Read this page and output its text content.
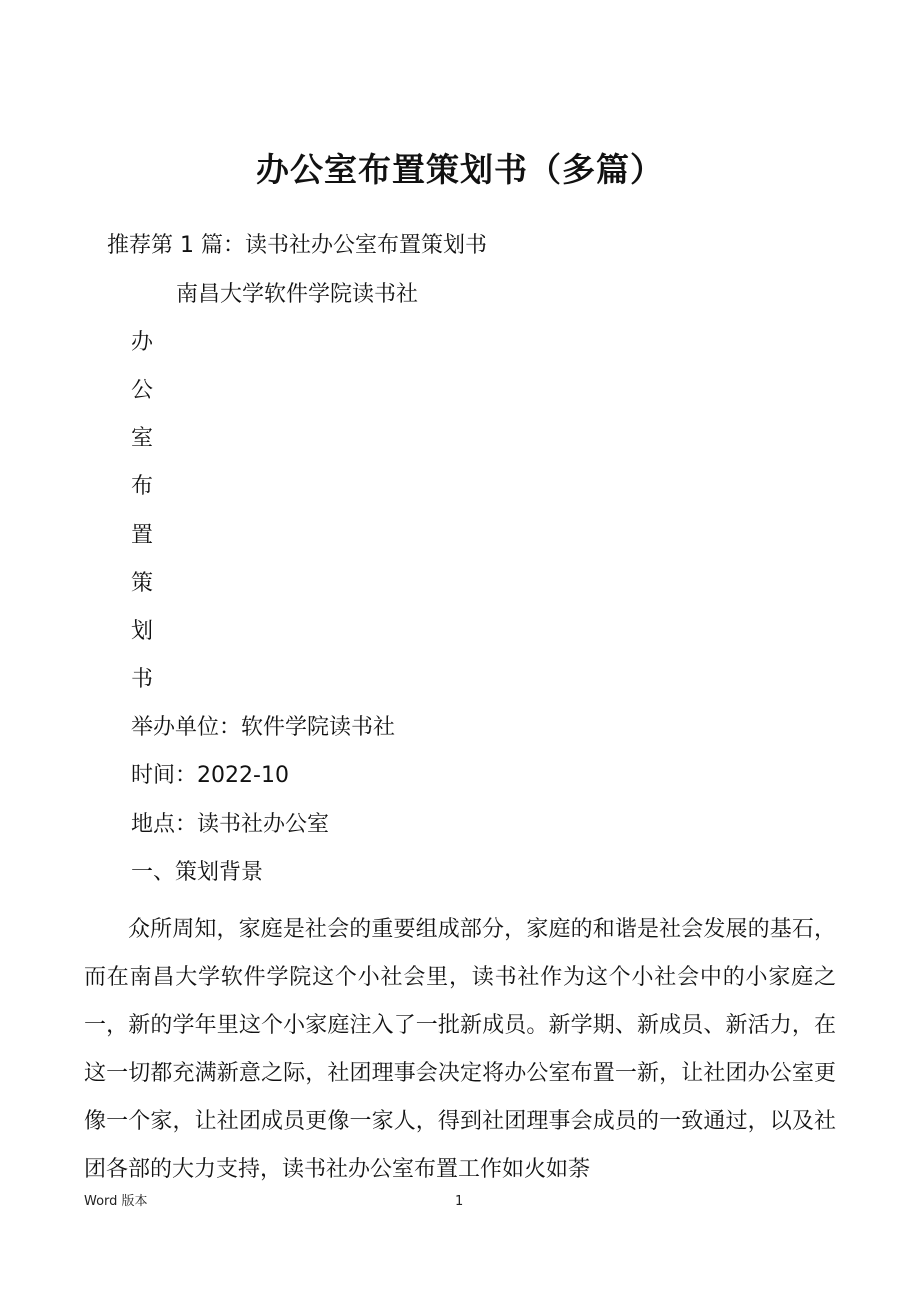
办公室布置策划书（多篇）

推荐第 1 篇：读书社办公室布置策划书

南昌大学软件学院读书社

办

公

室

布

置

策

划

书

举办单位：软件学院读书社

时间：2022-10

地点：读书社办公室

一、策划背景

众所周知，家庭是社会的重要组成部分，家庭的和谐是社会发展的基石，而在南昌大学软件学院这个小社会里，读书社作为这个小社会中的小家庭之一，新的学年里这个小家庭注入了一批新成员。新学期、新成员、新活力，在这一切都充满新意之际，社团理事会决定将办公室布置一新，让社团办公室更像一个家，让社团成员更像一家人，得到社团理事会成员的一致通过，以及社团各部的大力支持，读书社办公室布置工作如火如荼

Word 版本	1
